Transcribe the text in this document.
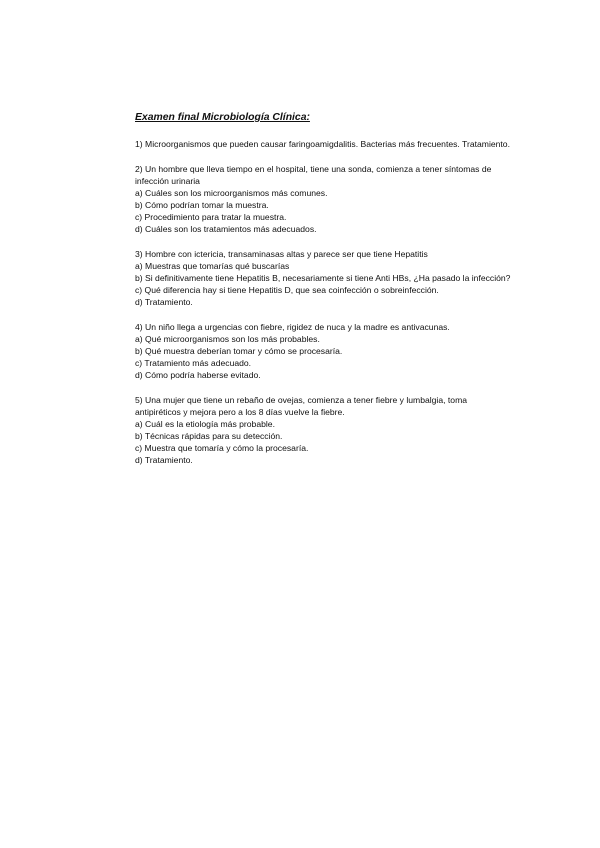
Examen final Microbiología Clínica:

1) Microorganismos que pueden causar faringoamigdalitis. Bacterias más frecuentes. Tratamiento.

2) Un hombre que lleva tiempo en el hospital, tiene una sonda, comienza a tener síntomas de infección urinaria

a) Cuáles son los microorganismos más comunes.

b) Cómo podrían tomar la muestra.

c) Procedimiento para tratar la muestra.

d) Cuáles son los tratamientos más adecuados.

3) Hombre con ictericia, transaminasas altas y parece ser que tiene Hepatitis

a) Muestras que tomarías qué buscarías

b) Si definitivamente tiene Hepatitis B, necesariamente si tiene Anti HBs, ¿Ha pasado la infección?

c) Qué diferencia hay si tiene Hepatitis D, que sea coinfección o sobreinfección.

d) Tratamiento.

4) Un niño llega a urgencias con fiebre, rigidez de nuca y la madre es antivacunas.

a) Qué microorganismos son los más probables.

b) Qué muestra deberían tomar y cómo se procesaría.

c) Tratamiento más adecuado.

d) Cómo podría haberse evitado.

5) Una mujer que tiene un rebaño de ovejas, comienza a tener fiebre y lumbalgia, toma antipiréticos y mejora pero a los 8 días vuelve la fiebre.

a) Cuál es la etiología más probable.

b) Técnicas rápidas para su detección.

c) Muestra que tomaría y cómo la procesaría.

d) Tratamiento.
